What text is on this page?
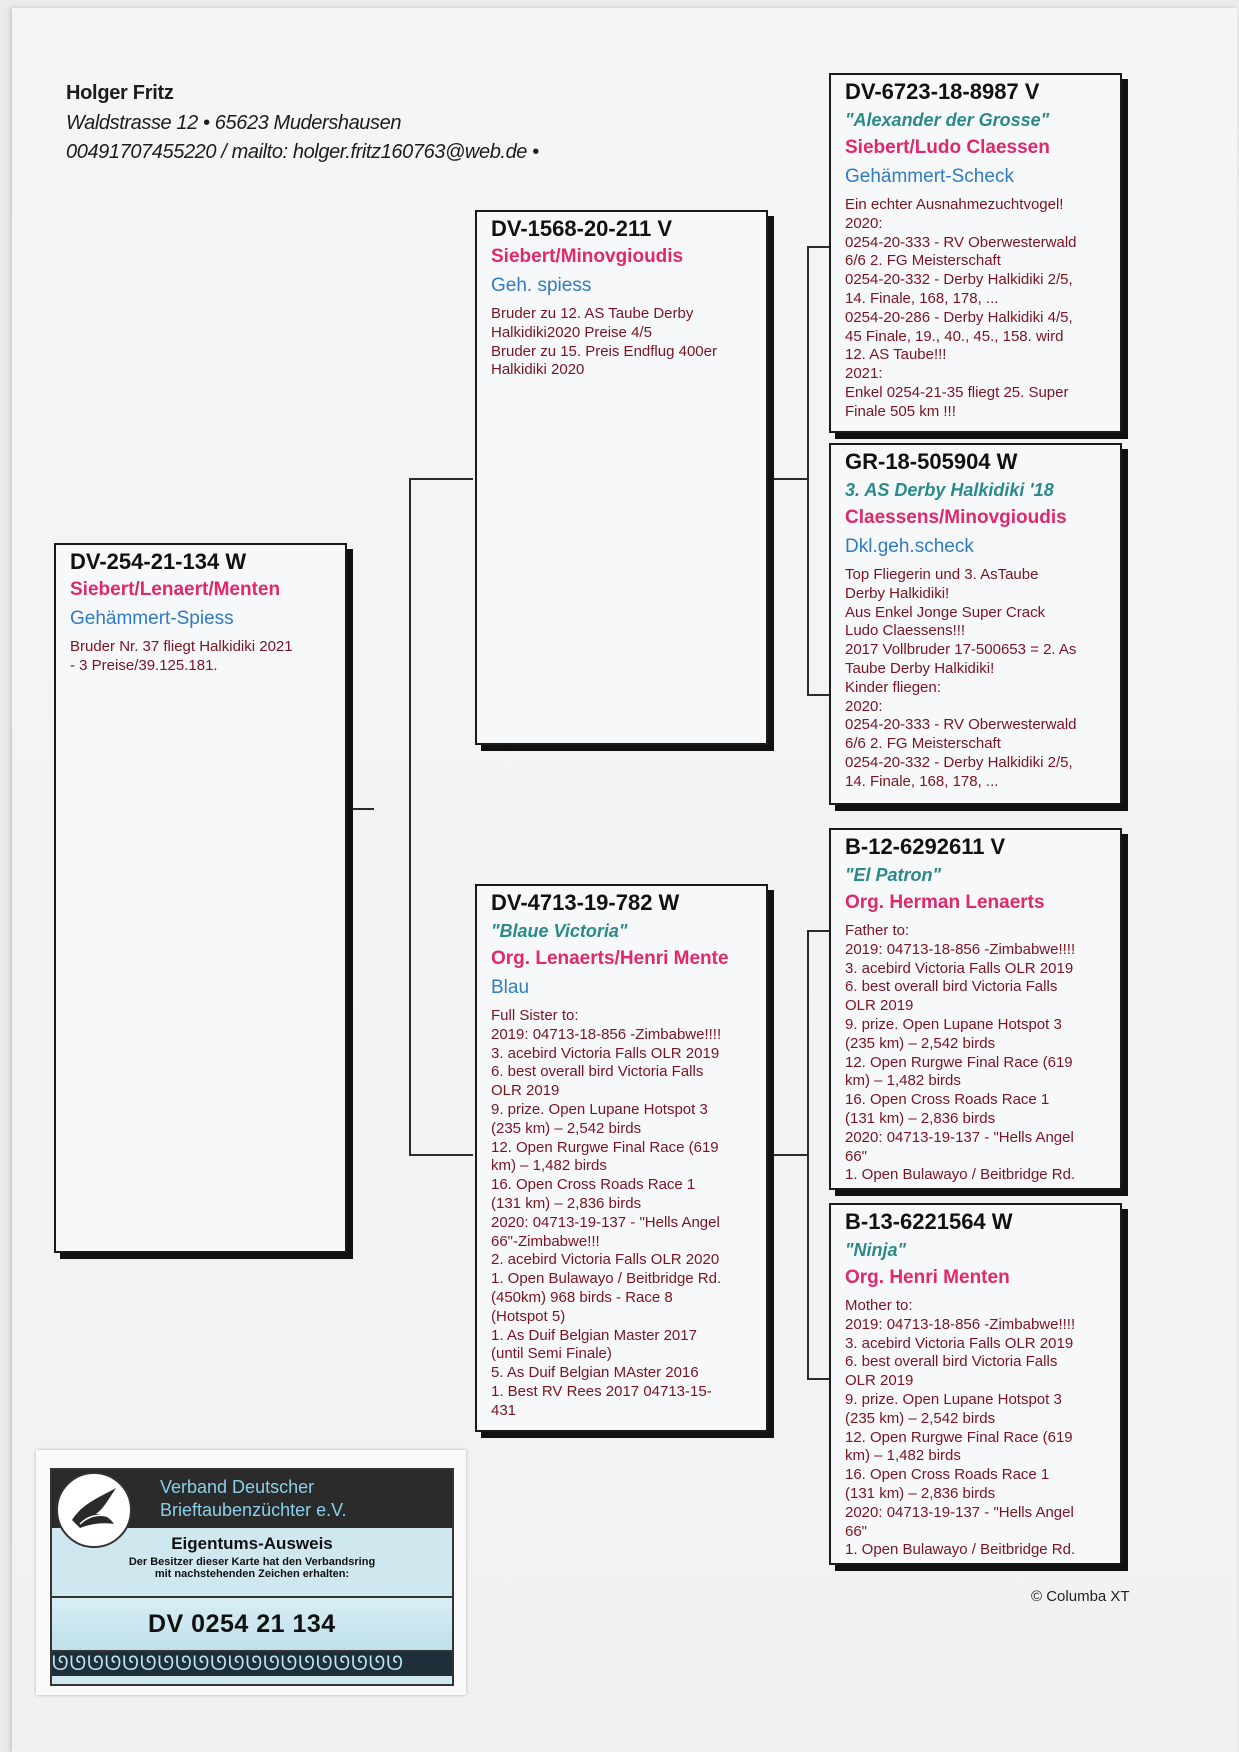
Holger Fritz
Waldstrasse 12 • 65623 Mudershausen
00491707455220 / mailto: holger.fritz160763@web.de •
DV-254-21-134 W
Siebert/Lenaert/Menten
Gehämmert-Spiess
Bruder Nr. 37 fliegt Halkidiki 2021
- 3 Preise/39.125.181.
DV-1568-20-211 V
Siebert/Minovgioudis
Geh. spiess
Bruder zu 12. AS Taube Derby
Halkidiki2020 Preise 4/5
Bruder zu 15. Preis Endflug 400er
Halkidiki 2020
DV-4713-19-782 W
"Blaue Victoria"
Org. Lenaerts/Henri Mente
Blau
Full Sister to:
2019: 04713-18-856 -Zimbabwe!!!!
3. acebird Victoria Falls OLR 2019
6. best overall bird Victoria Falls
OLR 2019
9. prize. Open Lupane Hotspot 3
(235 km) – 2,542 birds
12. Open Rurgwe Final Race (619
km) – 1,482 birds
16. Open Cross Roads Race 1
(131 km) – 2,836 birds
2020: 04713-19-137 - "Hells Angel
66"-Zimbabwe!!!
2. acebird Victoria Falls OLR 2020
1. Open Bulawayo / Beitbridge Rd.
(450km) 968 birds - Race 8
(Hotspot 5)
1. As Duif Belgian Master 2017
(until Semi Finale)
5. As Duif Belgian MAster 2016
1. Best RV Rees 2017 04713-15-
431
DV-6723-18-8987 V
"Alexander der Grosse"
Siebert/Ludo Claessen
Gehämmert-Scheck
Ein echter Ausnahmezuchtvogel!
2020:
0254-20-333 - RV Oberwesterwald
6/6 2. FG Meisterschaft
0254-20-332 - Derby Halkidiki 2/5,
14. Finale, 168, 178, ...
0254-20-286 - Derby Halkidiki 4/5,
45 Finale, 19., 40., 45., 158. wird
12. AS Taube!!!
2021:
Enkel 0254-21-35 fliegt 25. Super
Finale 505 km !!!
GR-18-505904 W
3. AS Derby Halkidiki '18
Claessens/Minovgioudis
Dkl.geh.scheck
Top Fliegerin und 3. AsTaube
Derby Halkidiki!
Aus Enkel Jonge Super Crack
Ludo Claessens!!!
2017 Vollbruder 17-500653 = 2. As
Taube Derby Halkidiki!
Kinder fliegen:
2020:
0254-20-333 - RV Oberwesterwald
6/6 2. FG Meisterschaft
0254-20-332 - Derby Halkidiki 2/5,
14. Finale, 168, 178, ...
B-12-6292611 V
"El Patron"
Org. Herman Lenaerts
Father to:
2019: 04713-18-856 -Zimbabwe!!!!
3. acebird Victoria Falls OLR 2019
6. best overall bird Victoria Falls
OLR 2019
9. prize. Open Lupane Hotspot 3
(235 km) – 2,542 birds
12. Open Rurgwe Final Race (619
km) – 1,482 birds
16. Open Cross Roads Race 1
(131 km) – 2,836 birds
2020: 04713-19-137 - "Hells Angel
66"
1. Open Bulawayo / Beitbridge Rd.
B-13-6221564 W
"Ninja"
Org. Henri Menten
Mother to:
2019: 04713-18-856 -Zimbabwe!!!!
3. acebird Victoria Falls OLR 2019
6. best overall bird Victoria Falls
OLR 2019
9. prize. Open Lupane Hotspot 3
(235 km) – 2,542 birds
12. Open Rurgwe Final Race (619
km) – 1,482 birds
16. Open Cross Roads Race 1
(131 km) – 2,836 birds
2020: 04713-19-137 - "Hells Angel
66"
1. Open Bulawayo / Beitbridge Rd.
© Columba XT
Verband Deutscher
Brieftaubenzüchter e.V.
Eigentums-Ausweis
Der Besitzer dieser Karte hat den Verbandsring
mit nachstehenden Zeichen erhalten:
DV 0254 21 134
ᘎᘎᘎᘎᘎᘎᘎᘎᘎᘎᘎᘎᘎᘎᘎᘎᘎᘎᘎᘎ
